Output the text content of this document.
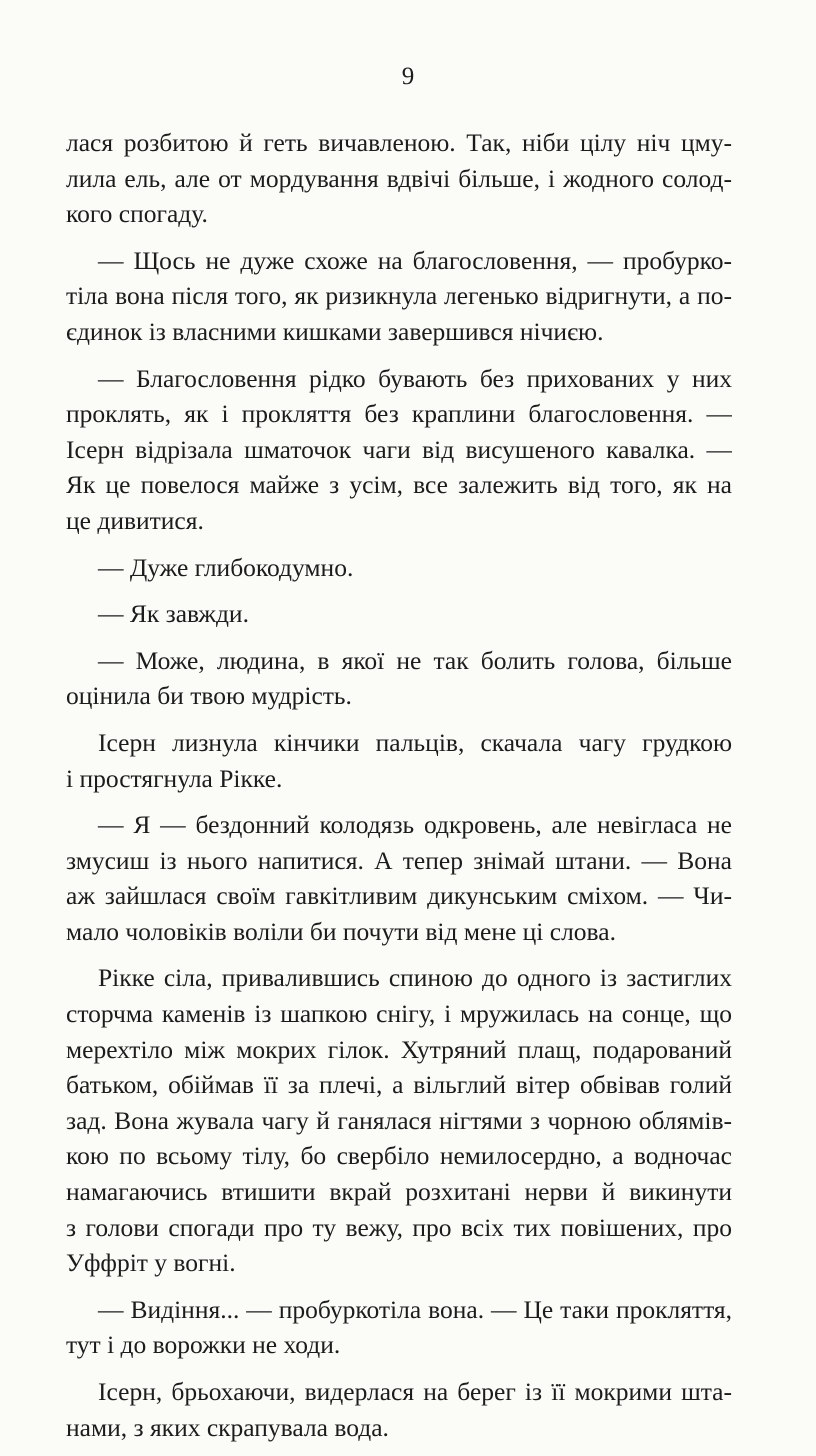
9
лася розбитою й геть вичавленою. Так, ніби цілу ніч цму-
лила ель, але от мордування вдвічі більше, і жодного солод-
кого спогаду.
— Щось не дуже схоже на благословення, — пробурко-
тіла вона після того, як ризикнула легенько відригнути, а по-
єдинок із власними кишками завершився нічиєю.
— Благословення рідко бувають без прихованих у них
проклять, як і прокляття без краплини благословення. —
Ісерн відрізала шматочок чаги від висушеного кавалка. —
Як це повелося майже з усім, все залежить від того, як на
це дивитися.
— Дуже глибокодумно.
— Як завжди.
— Може, людина, в якої не так болить голова, більше
оцінила би твою мудрість.
Ісерн лизнула кінчики пальців, скачала чагу грудкою
і простягнула Рікке.
— Я — бездонний колодязь одкровень, але невігласа не
змусиш із нього напитися. А тепер знімай штани. — Вона
аж зайшлася своїм гавкітливим дикунським сміхом. — Чи-
мало чоловіків воліли би почути від мене ці слова.
Рікке сіла, привалившись спиною до одного із застиглих
сторчма каменів із шапкою снігу, і мружилась на сонце, що
мерехтіло між мокрих гілок. Хутряний плащ, подарований
батьком, обіймав її за плечі, а вільглий вітер обвівав голий
зад. Вона жувала чагу й ганялася нігтями з чорною облямів-
кою по всьому тілу, бо свербіло немилосердно, а водночас
намагаючись втишити вкрай розхитані нерви й викинути
з голови спогади про ту вежу, про всіх тих повішених, про
Уффріт у вогні.
— Видіння... — пробуркотіла вона. — Це таки прокляття,
тут і до ворожки не ходи.
Ісерн, брьохаючи, видерлася на берег із її мокрими шта-
нами, з яких скрапувала вода.
